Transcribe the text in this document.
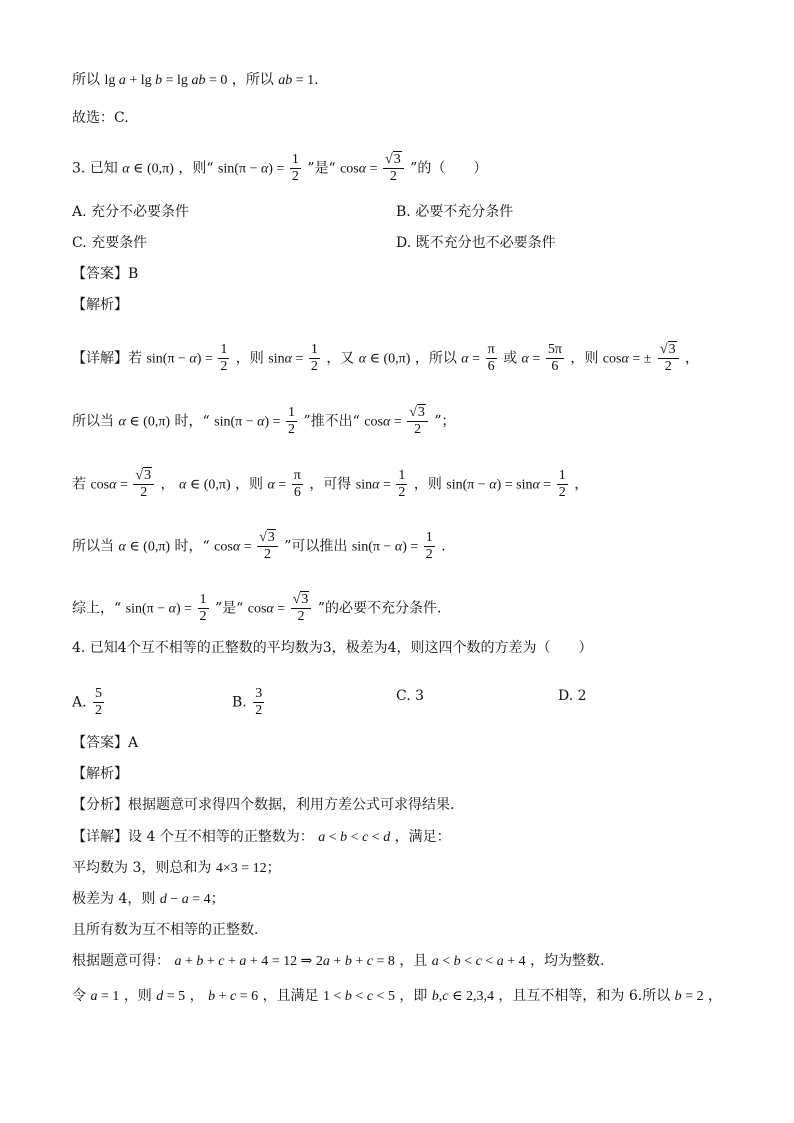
所以 lg a + lg b = lg ab = 0 ，所以 ab = 1.
故选：C.
3. 已知 α ∈ (0,π) ，则“ $\sin(\pi - \alpha) = \frac{1}{2}$ ”是“ $\cos\alpha = \frac{√3}{2}$ ”的（　　）
A. 充分不必要条件	B. 必要不充分条件
C. 充要条件	D. 既不充分也不必要条件
【答案】B
【解析】
【详解】若 $\sin(\pi - \alpha) = \frac{1}{2}$ ，则 $\sin\alpha = \frac{1}{2}$ ，又 α ∈ (0,π) ，所以 $\alpha = \frac{\pi}{6}$ 或 $\alpha = \frac{5\pi}{6}$ ，则 cosα = ± $\frac{√3}{2}$ ，
所以当 α ∈ (0,π) 时，“ $\sin(\pi - \alpha) = \frac{1}{2}$ ”推不出“ $\cos\alpha = \frac{√3}{2}$ ”；
若 $\cos\alpha = \frac{√3}{2}$ ， α ∈ (0,π) ，则 $\alpha = \frac{\pi}{6}$ ，可得 $\sin\alpha = \frac{1}{2}$ ，则 $\sin(\pi - \alpha) = \sin\alpha = \frac{1}{2}$ ，
所以当 α ∈ (0,π) 时，“ $\cos\alpha = \frac{√3}{2}$ ”可以推出 $\sin(\pi - \alpha) = \frac{1}{2}$ .
综上，“ $\sin(\pi - \alpha) = \frac{1}{2}$ ”是“ $\cos\alpha = \frac{√3}{2}$ ”的必要不充分条件.
4. 已知4个互不相等的正整数的平均数为3，极差为4，则这四个数的方差为（　　）
A. $\frac{5}{2}$	B. $\frac{3}{2}$	C. 3	D. 2
【答案】A
【解析】
【分析】根据题意可求得四个数据，利用方差公式可求得结果.
【详解】设 4 个互不相等的正整数为： a < b < c < d ，满足：
平均数为 3，则总和为 4×3 = 12；
极差为 4，则 d − a = 4；
且所有数为互不相等的正整数.
根据题意可得： a + b + c + a + 4 = 12 ⇒ 2a + b + c = 8 ，且 a < b < c < a + 4 ，均为整数.
令 a = 1 ，则 d = 5 ， b + c = 6 ，且满足 1 < b < c < 5 ，即 b,c ∈ 2,3,4 ，且互不相等，和为 6.所以 b = 2 ，
